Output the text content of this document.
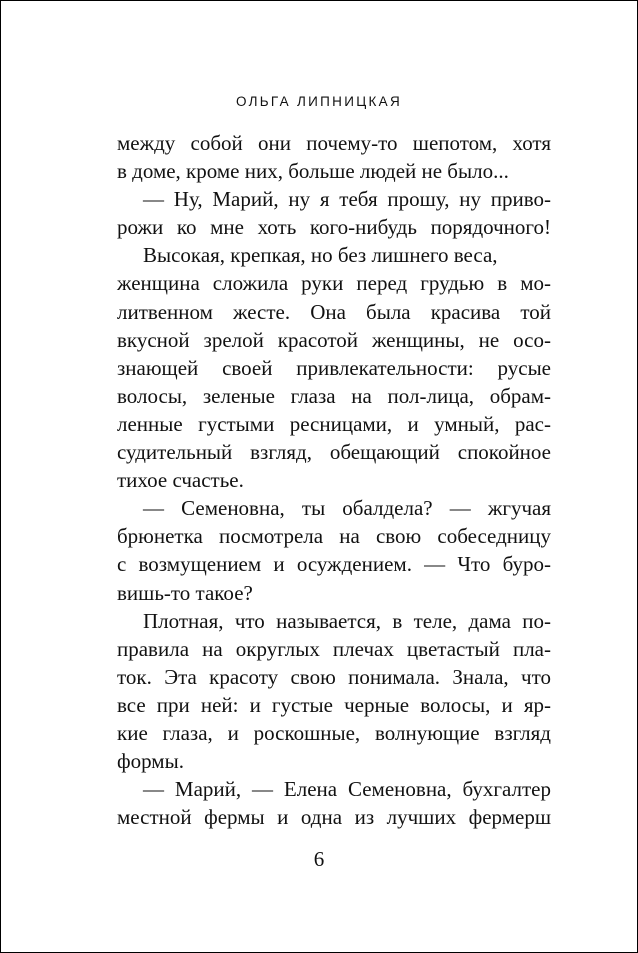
ОЛЬГА ЛИПНИЦКАЯ
между собой они почему-то шепотом, хотя
в доме, кроме них, больше людей не было...
— Ну, Марий, ну я тебя прошу, ну приво-
рожи ко мне хоть кого-нибудь порядочного!
Высокая, крепкая, но без лишнего веса,
женщина сложила руки перед грудью в мо-
литвенном жесте. Она была красива той
вкусной зрелой красотой женщины, не осо-
знающей своей привлекательности: русые
волосы, зеленые глаза на пол-лица, обрам-
ленные густыми ресницами, и умный, рас-
судительный взгляд, обещающий спокойное
тихое счастье.
— Семеновна, ты обалдела? — жгучая
брюнетка посмотрела на свою собеседницу
с возмущением и осуждением. — Что буро-
вишь-то такое?
Плотная, что называется, в теле, дама по-
правила на округлых плечах цветастый пла-
ток. Эта красоту свою понимала. Знала, что
все при ней: и густые черные волосы, и яр-
кие глаза, и роскошные, волнующие взгляд
формы.
— Марий, — Елена Семеновна, бухгалтер
местной фермы и одна из лучших фермерш
6
